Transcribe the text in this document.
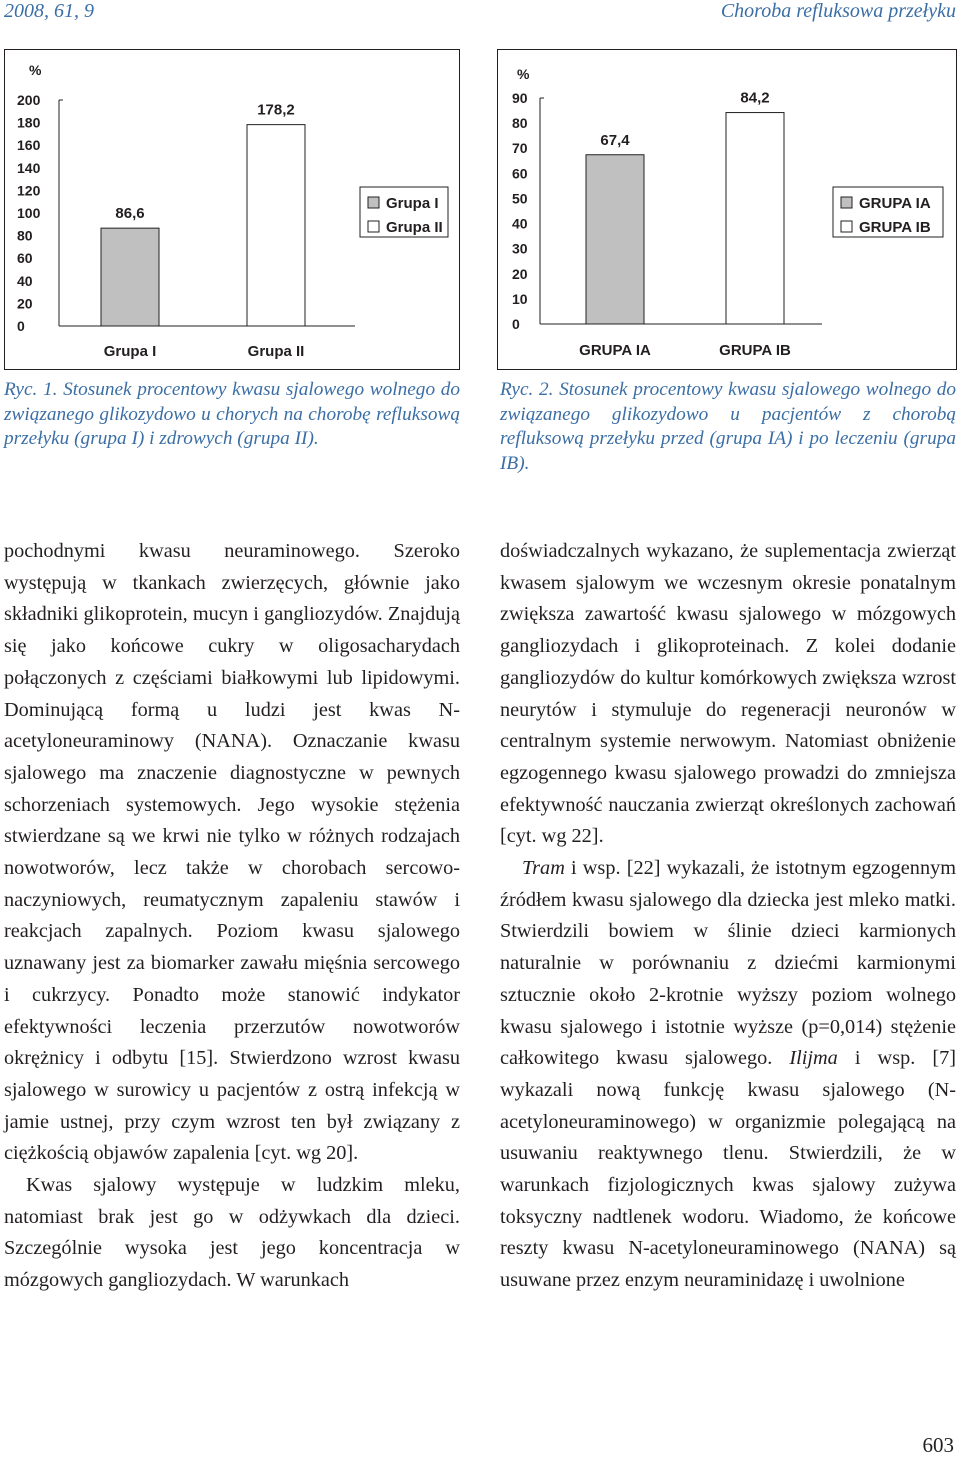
2008, 61, 9	Choroba refluksowa przełyku
%
200
180
160
140
120
100
80
60
40
20
0
86,6
Grupa I
178,2
Grupa II
Grupa I
Grupa II
%
90
80
70
60
50
40
30
20
10
0
67,4
GRUPA IA
84,2
GRUPA IB
GRUPA IA
GRUPA IB

Ryc. 1. Stosunek procentowy kwasu sjalowego wolnego do związanego glikozydowo u chorych na chorobę refluksową przełyku (grupa I) i zdrowych (grupa II).

Ryc. 2. Stosunek procentowy kwasu sjalowego wolnego do związanego glikozydowo u pacjentów z chorobą refluksową przełyku przed (grupa IA) i po leczeniu (grupa IB).

pochodnymi kwasu neuraminowego. Szeroko występują w tkankach zwierzęcych, głównie jako składniki glikoprotein, mucyn i gangliozydów. Znajdują się jako końcowe cukry w oligosacharydach połączonych z częściami białkowymi lub lipidowymi. Dominującą formą u ludzi jest kwas N-acetyloneuraminowy (NANA). Oznaczanie kwasu sjalowego ma znaczenie diagnostyczne w pewnych schorzeniach systemowych. Jego wysokie stężenia stwierdzane są we krwi nie tylko w różnych rodzajach nowotworów, lecz także w chorobach sercowo-naczyniowych, reumatycznym zapaleniu stawów i reakcjach zapalnych. Poziom kwasu sjalowego uznawany jest za biomarker zawału mięśnia sercowego i cukrzycy. Ponadto może stanowić indykator efektywności leczenia przerzutów nowotworów okrężnicy i odbytu [15]. Stwierdzono wzrost kwasu sjalowego w surowicy u pacjentów z ostrą infekcją w jamie ustnej, przy czym wzrost ten był związany z ciężkością objawów zapalenia [cyt. wg 20].

Kwas sjalowy występuje w ludzkim mleku, natomiast brak jest go w odżywkach dla dzieci. Szczególnie wysoka jest jego koncentracja w mózgowych gangliozydach. W warunkach

doświadczalnych wykazano, że suplementacja zwierząt kwasem sjalowym we wczesnym okresie ponatalnym zwiększa zawartość kwasu sjalowego w mózgowych gangliozydach i glikoproteinach. Z kolei dodanie gangliozydów do kultur komórkowych zwiększa wzrost neurytów i stymuluje do regeneracji neuronów w centralnym systemie nerwowym. Natomiast obniżenie egzogennego kwasu sjalowego prowadzi do zmniejsza efektywność nauczania zwierząt określonych zachowań [cyt. wg 22].

Tram i wsp. [22] wykazali, że istotnym egzogennym źródłem kwasu sjalowego dla dziecka jest mleko matki. Stwierdzili bowiem w ślinie dzieci karmionych naturalnie w porównaniu z dziećmi karmionymi sztucznie około 2-krotnie wyższy poziom wolnego kwasu sjalowego i istotnie wyższe (p=0,014) stężenie całkowitego kwasu sjalowego. Ilijma i wsp. [7] wykazali nową funkcję kwasu sjalowego (N-acetyloneuraminowego) w organizmie polegającą na usuwaniu reaktywnego tlenu. Stwierdzili, że w warunkach fizjologicznych kwas sjalowy zużywa toksyczny nadtlenek wodoru. Wiadomo, że końcowe reszty kwasu N-acetyloneuraminowego (NANA) są usuwane przez enzym neuraminidazę i uwolnione

603
